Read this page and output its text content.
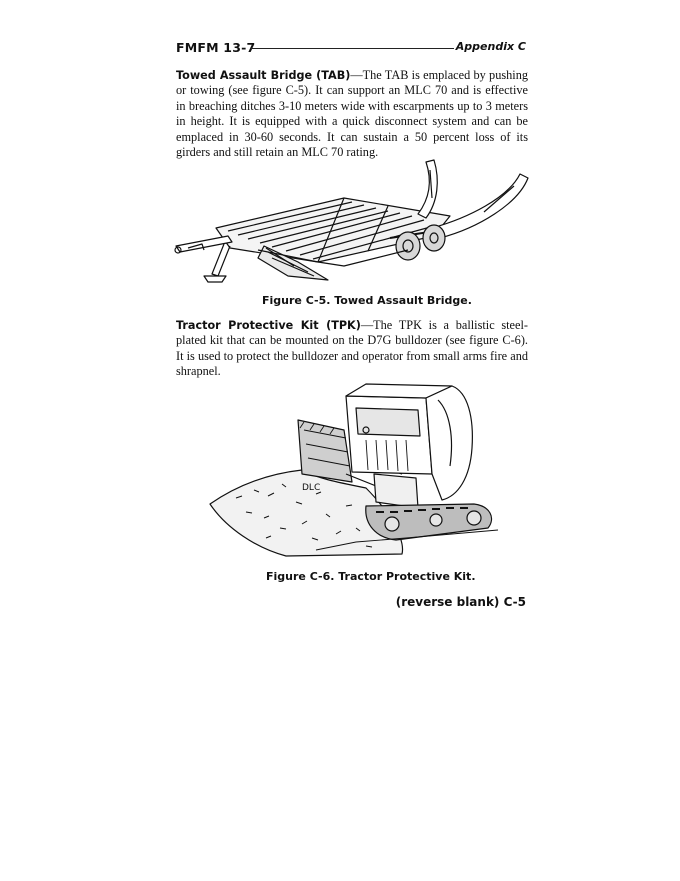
FMFM 13-7	Appendix C
Towed Assault Bridge (TAB)—The TAB is emplaced by pushing or towing (see figure C-5). It can support an MLC 70 and is effective in breaching ditches 3-10 meters wide with escarpments up to 3 meters in height. It is equipped with a quick disconnect system and can be emplaced in 30-60 seconds. It can sustain a 50 percent loss of its girders and still retain an MLC 70 rating.
Figure C-5. Towed Assault Bridge.
Tractor Protective Kit (TPK)—The TPK is a ballistic steel-plated kit that can be mounted on the D7G bulldozer (see figure C-6). It is used to protect the bulldozer and operator from small arms fire and shrapnel.
DLC
Figure C-6. Tractor Protective Kit.
(reverse blank) C-5
